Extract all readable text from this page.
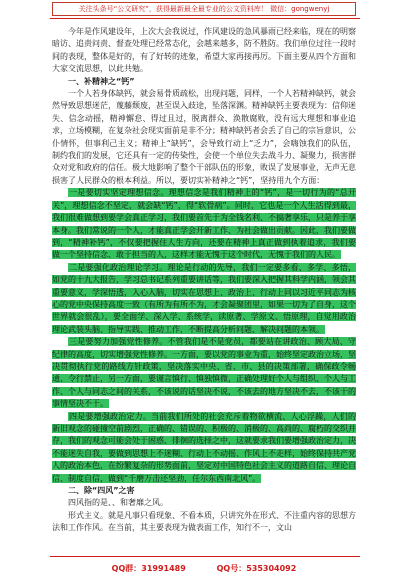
关注头条号“公文研究”，获得最新最全最专业的公文资料库！ 微信：gongwenyj

今年是作风建设年，上次大会我说过，作风建设的急风暴雨已经来临，现在的明察暗访、追责问责、督查处理已经常态化，会越来越多，防不胜防。我们单位过往一段时间的表现，整体是好的，有了好转的迹象，希望大家再接再厉。下面主要从四个方面和大家交流思想，以此共勉。

一、补精神之“钙”

一个人若身体缺钙，就会易骨质疏松，出现问题，同样，一个人若精神缺钙，就会然导致思想迷茫，蔑藤颓废，甚至误入歧途，坠落深渊。精神缺钙主要表现为：信仰迷失、信念动摇，精神懈怠、得过且过，脱离群众、涣散腐败，没有远大理想和事业追求，立场模糊，在复杂社会现实面前是非不分；精神缺钙者会丢了自己的宗旨意识，公仆情怀，但事利己主义；精神上“缺钙”，会导致行动上“乏力”，会嗨蚀我们的队伍，制约我们的发展，它还具有一定的传染性，会使一个单位失去战斗力、凝聚力，损害群众对党和政府的信任。极大地影响了整个干部队伍的形象，败误了发展事业，无声无息损害了人民群众的根本利益。所以，要切实补精神之“钙”，坚持用九个方面：

一是要切实坚定理想信念。理想信念是我们精神上的“钙”，是一切行为的“总开关”，理想信念不坚定，就会缺“钙”，得“软骨病”。同时，它也是一个人生活得到最，我们很难做想到要学会真正学习，我们要首先于为全钱名利、不搞奢享乐，只是养于享本身。我们常说的一个人，才能真正学会开新工作、为社会做出贡献。因此，我们要做到，“精神补钙”，不仅要把握住人生方向，还要在精神上真正做到执着追求，我们要做一个坚持信念、敢于担当的人，这样才能无愧于这个时代，无愧于我们的人民。

二是要强化政治理论学习。理论是行动的先导，我们一定要多看、多学、多悟，如党的十九大报告，学习总书记系列重要讲话等，我们要深入把握其科学内涵，领会其重要意义，学深悟透，入心入脑，切实在思想上、政治上、行动上同以习近平同志为核心的党中央保持高度一致（有所为有所不为，才会凝聚团里，如果一切为了自身，这个世界就会很乱），要全面学、深入学、系统学，读原著、学原文、悟原理，自觉用政治理论武装头脑、指导实践、推动工作，不断提高分析问题、解决问题的本领。

三是要努力加强党性修养。不管我们是不是党员，都要站在讲政治、顾大局、守纪律的高度，切实增强党性修养。一方面，要以党的事业为重，始终坚定政治立场，坚决贯彻执行党的路线方针政策，坚决落实中央、省、市、县的决策部署，确保政令畅通、令行禁止，另一方面，要谨言慎行、慎独慎微，正确处理好个人与组织、个人与工作、个人与同志之间的关系，不该说的话坚决不说，不该去的地方坚决不去，不该干的事情坚决不干。

四是要增强政治定力。当前我们所处的社会充斥着物欲横流、人心浮躁，人们的新旧观念的碰撞空前剧烈，正确的、错误的、积极的、消极的、高尚的、腐朽的交织并存，我们的观念可能会处于困惑、徘徊的选择之中，这就要求我们要增强政治定力，决不能迷失自我，要做到思想上不迷糊、行动上不动摇、作风上不走样，始终保持共产党人的政治本色，在纷繁复杂的形势面前，坚定对中国特色社会主义的道路自信、理论自信、制度自信，做到“千磨万击还坚劲，任尔东西南北风”。

二、除“四风”之害

四风指的是、、和奢靡之风。

形式主义。就是凡事只看现象、不看本质，只讲究外在形式、不注重内容的思想方法和工作作风。在当前，其主要表现为做表面工作，知行不一，文山

QQ群：31991489	QQ号：535304092
